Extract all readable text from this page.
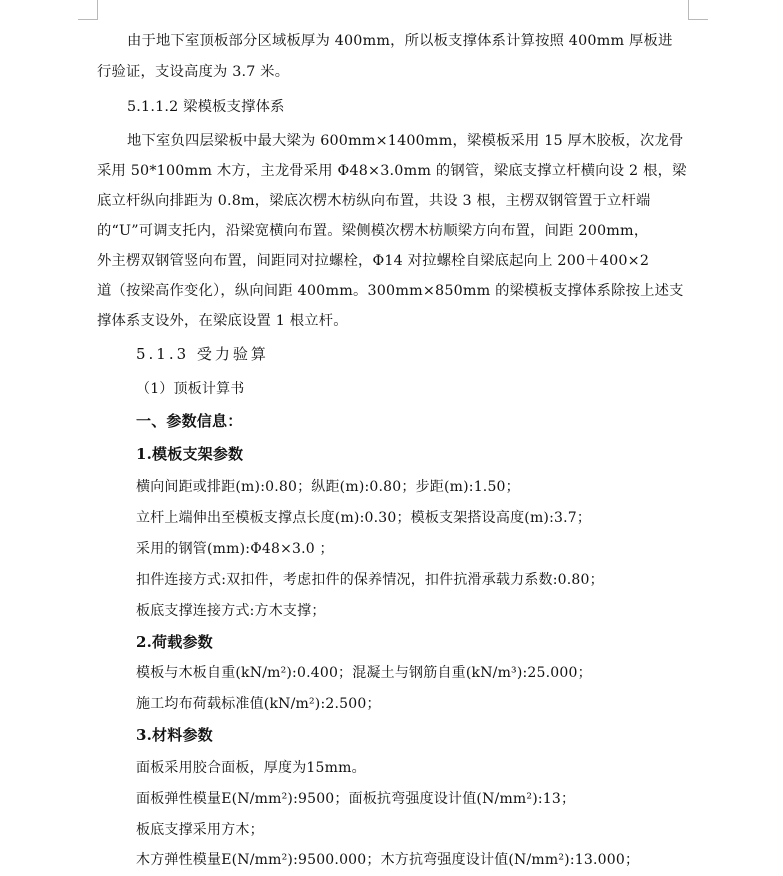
由于地下室顶板部分区域板厚为 400mm，所以板支撑体系计算按照 400mm 厚板进
行验证，支设高度为 3.7 米。
5.1.1.2 梁模板支撑体系
地下室负四层梁板中最大梁为 600mm×1400mm，梁模板采用 15 厚木胶板，次龙骨
采用 50*100mm 木方，主龙骨采用 Φ48×3.0mm 的钢管，梁底支撑立杆横向设 2 根，梁
底立杆纵向排距为 0.8m，梁底次楞木枋纵向布置，共设 3 根，主楞双钢管置于立杆端
的“U”可调支托内，沿梁宽横向布置。梁侧模次楞木枋顺梁方向布置，间距 200mm，
外主楞双钢管竖向布置，间距同对拉螺栓，Φ14 对拉螺栓自梁底起向上 200＋400×2
道（按梁高作变化），纵向间距 400mm。300mm×850mm 的梁模板支撑体系除按上述支
撑体系支设外，在梁底设置 1 根立杆。
5.1.3 受力验算
（1）顶板计算书
一、参数信息：
1.模板支架参数
横向间距或排距(m):0.80；纵距(m):0.80；步距(m):1.50；
立杆上端伸出至模板支撑点长度(m):0.30；模板支架搭设高度(m):3.7；
采用的钢管(mm):Φ48×3.0 ；
扣件连接方式:双扣件，考虑扣件的保养情况，扣件抗滑承载力系数:0.80；
板底支撑连接方式:方木支撑；
2.荷载参数
模板与木板自重(kN/m²):0.400；混凝土与钢筋自重(kN/m³):25.000；
施工均布荷载标准值(kN/m²):2.500；
3.材料参数
面板采用胶合面板，厚度为15mm。
面板弹性模量E(N/mm²):9500；面板抗弯强度设计值(N/mm²):13；
板底支撑采用方木；
木方弹性模量E(N/mm²):9500.000；木方抗弯强度设计值(N/mm²):13.000；
